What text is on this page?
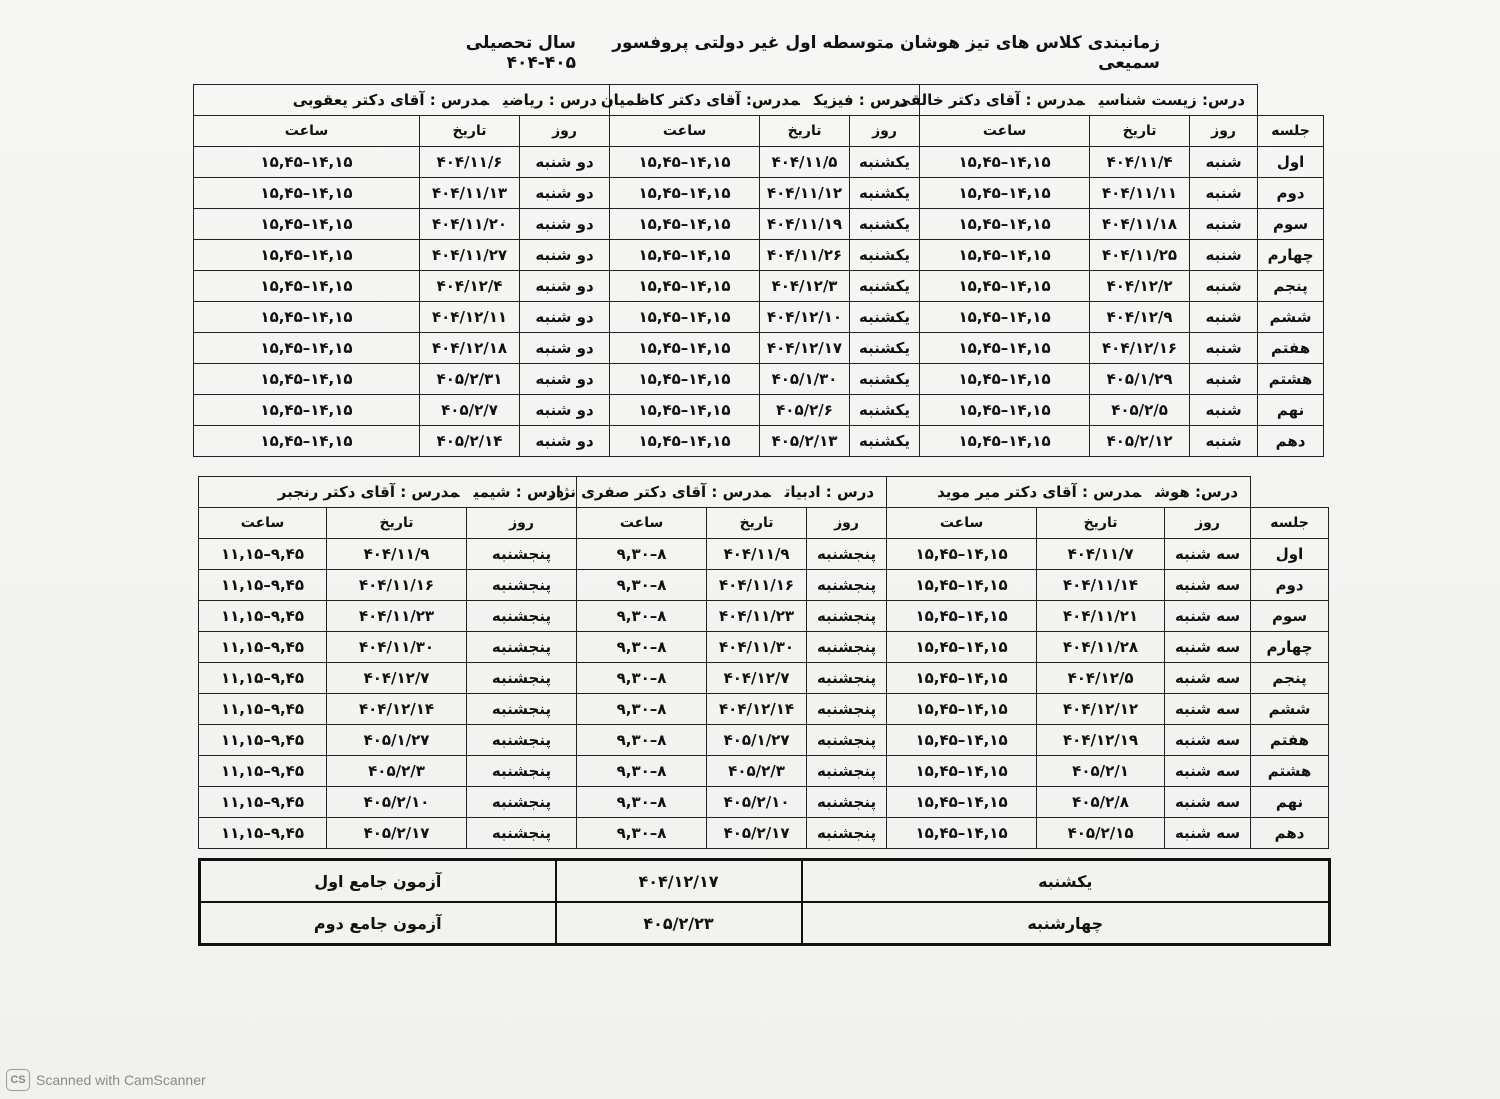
زمانبندی کلاس های تیز هوشان متوسطه اول غیر دولتی پروفسور سمیعی
سال تحصیلی ۴۰۵-۴۰۴
	درس: زیست شناسیمدرس : آقای دکتر خالقی			درس : فیزیکمدرس: آقای دکتر کاظمیان			درس : ریاضیمدرس : آقای دکتر یعقوبی		
جلسه	روز	تاریخ	ساعت	روز	تاریخ	ساعت	روز	تاریخ	ساعت
اول	شنبه	۴۰۴/۱۱/۴	۱۴,۱۵–۱۵,۴۵	یکشنبه	۴۰۴/۱۱/۵	۱۴,۱۵–۱۵,۴۵	دو شنبه	۴۰۴/۱۱/۶	۱۴,۱۵–۱۵,۴۵
دوم	شنبه	۴۰۴/۱۱/۱۱	۱۴,۱۵–۱۵,۴۵	یکشنبه	۴۰۴/۱۱/۱۲	۱۴,۱۵–۱۵,۴۵	دو شنبه	۴۰۴/۱۱/۱۳	۱۴,۱۵–۱۵,۴۵
سوم	شنبه	۴۰۴/۱۱/۱۸	۱۴,۱۵–۱۵,۴۵	یکشنبه	۴۰۴/۱۱/۱۹	۱۴,۱۵–۱۵,۴۵	دو شنبه	۴۰۴/۱۱/۲۰	۱۴,۱۵–۱۵,۴۵
چهارم	شنبه	۴۰۴/۱۱/۲۵	۱۴,۱۵–۱۵,۴۵	یکشنبه	۴۰۴/۱۱/۲۶	۱۴,۱۵–۱۵,۴۵	دو شنبه	۴۰۴/۱۱/۲۷	۱۴,۱۵–۱۵,۴۵
پنجم	شنبه	۴۰۴/۱۲/۲	۱۴,۱۵–۱۵,۴۵	یکشنبه	۴۰۴/۱۲/۳	۱۴,۱۵–۱۵,۴۵	دو شنبه	۴۰۴/۱۲/۴	۱۴,۱۵–۱۵,۴۵
ششم	شنبه	۴۰۴/۱۲/۹	۱۴,۱۵–۱۵,۴۵	یکشنبه	۴۰۴/۱۲/۱۰	۱۴,۱۵–۱۵,۴۵	دو شنبه	۴۰۴/۱۲/۱۱	۱۴,۱۵–۱۵,۴۵
هفتم	شنبه	۴۰۴/۱۲/۱۶	۱۴,۱۵–۱۵,۴۵	یکشنبه	۴۰۴/۱۲/۱۷	۱۴,۱۵–۱۵,۴۵	دو شنبه	۴۰۴/۱۲/۱۸	۱۴,۱۵–۱۵,۴۵
هشتم	شنبه	۴۰۵/۱/۲۹	۱۴,۱۵–۱۵,۴۵	یکشنبه	۴۰۵/۱/۳۰	۱۴,۱۵–۱۵,۴۵	دو شنبه	۴۰۵/۲/۳۱	۱۴,۱۵–۱۵,۴۵
نهم	شنبه	۴۰۵/۲/۵	۱۴,۱۵–۱۵,۴۵	یکشنبه	۴۰۵/۲/۶	۱۴,۱۵–۱۵,۴۵	دو شنبه	۴۰۵/۲/۷	۱۴,۱۵–۱۵,۴۵
دهم	شنبه	۴۰۵/۲/۱۲	۱۴,۱۵–۱۵,۴۵	یکشنبه	۴۰۵/۲/۱۳	۱۴,۱۵–۱۵,۴۵	دو شنبه	۴۰۵/۲/۱۴	۱۴,۱۵–۱۵,۴۵
	درس: هوشمدرس : آقای دکتر میر موید			درس : ادبیاتمدرس : آقای دکتر صفری نژاد			درس : شیمیمدرس : آقای دکتر رنجبر		
جلسه	روز	تاریخ	ساعت	روز	تاریخ	ساعت	روز	تاریخ	ساعت
اول	سه شنبه	۴۰۴/۱۱/۷	۱۴,۱۵–۱۵,۴۵	پنجشنبه	۴۰۴/۱۱/۹	۸–۹,۳۰	پنجشنبه	۴۰۴/۱۱/۹	۹,۴۵–۱۱,۱۵
دوم	سه شنبه	۴۰۴/۱۱/۱۴	۱۴,۱۵–۱۵,۴۵	پنجشنبه	۴۰۴/۱۱/۱۶	۸–۹,۳۰	پنجشنبه	۴۰۴/۱۱/۱۶	۹,۴۵–۱۱,۱۵
سوم	سه شنبه	۴۰۴/۱۱/۲۱	۱۴,۱۵–۱۵,۴۵	پنجشنبه	۴۰۴/۱۱/۲۳	۸–۹,۳۰	پنجشنبه	۴۰۴/۱۱/۲۳	۹,۴۵–۱۱,۱۵
چهارم	سه شنبه	۴۰۴/۱۱/۲۸	۱۴,۱۵–۱۵,۴۵	پنجشنبه	۴۰۴/۱۱/۳۰	۸–۹,۳۰	پنجشنبه	۴۰۴/۱۱/۳۰	۹,۴۵–۱۱,۱۵
پنجم	سه شنبه	۴۰۴/۱۲/۵	۱۴,۱۵–۱۵,۴۵	پنجشنبه	۴۰۴/۱۲/۷	۸–۹,۳۰	پنجشنبه	۴۰۴/۱۲/۷	۹,۴۵–۱۱,۱۵
ششم	سه شنبه	۴۰۴/۱۲/۱۲	۱۴,۱۵–۱۵,۴۵	پنجشنبه	۴۰۴/۱۲/۱۴	۸–۹,۳۰	پنجشنبه	۴۰۴/۱۲/۱۴	۹,۴۵–۱۱,۱۵
هفتم	سه شنبه	۴۰۴/۱۲/۱۹	۱۴,۱۵–۱۵,۴۵	پنجشنبه	۴۰۵/۱/۲۷	۸–۹,۳۰	پنجشنبه	۴۰۵/۱/۲۷	۹,۴۵–۱۱,۱۵
هشتم	سه شنبه	۴۰۵/۲/۱	۱۴,۱۵–۱۵,۴۵	پنجشنبه	۴۰۵/۲/۳	۸–۹,۳۰	پنجشنبه	۴۰۵/۲/۳	۹,۴۵–۱۱,۱۵
نهم	سه شنبه	۴۰۵/۲/۸	۱۴,۱۵–۱۵,۴۵	پنجشنبه	۴۰۵/۲/۱۰	۸–۹,۳۰	پنجشنبه	۴۰۵/۲/۱۰	۹,۴۵–۱۱,۱۵
دهم	سه شنبه	۴۰۵/۲/۱۵	۱۴,۱۵–۱۵,۴۵	پنجشنبه	۴۰۵/۲/۱۷	۸–۹,۳۰	پنجشنبه	۴۰۵/۲/۱۷	۹,۴۵–۱۱,۱۵
یکشنبه	۴۰۴/۱۲/۱۷	آزمون جامع اول
چهارشنبه	۴۰۵/۲/۲۳	آزمون جامع دوم
CS Scanned with CamScanner
